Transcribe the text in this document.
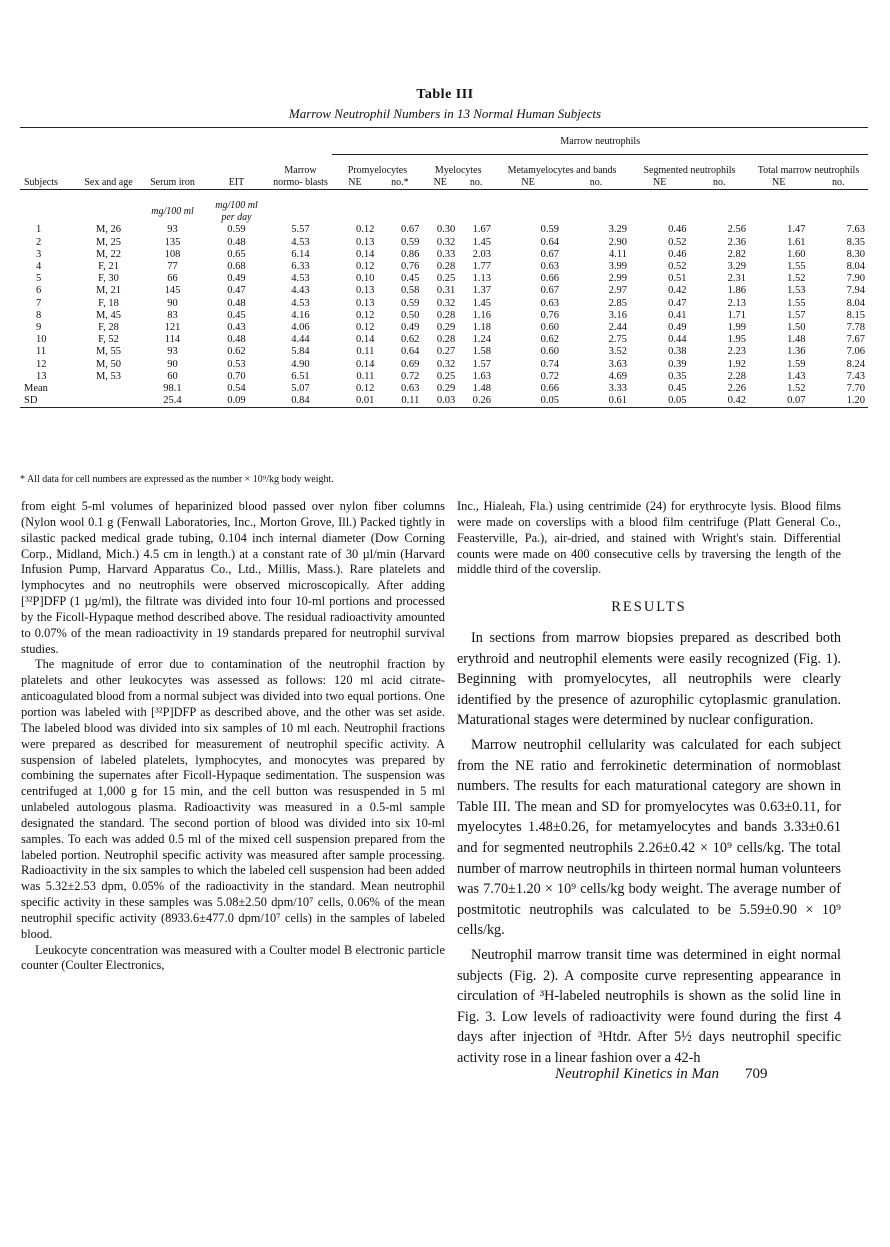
Table III
Marrow Neutrophil Numbers in 13 Normal Human Subjects
					Marrow neutrophils									
Subjects	Sex and age	Serum iron	EIT	Marrow normo- blasts	Promyelocytes		Myelocytes		Metamyelocytes and bands		Segmented neutrophils		Total marrow neutrophils	
					NE	no.*	NE	no.	NE	no.	NE	no.	NE	no.
		mg/100 ml	mg/100 ml per day											
1	M, 26	93	0.59	5.57	0.12	0.67	0.30	1.67	0.59	3.29	0.46	2.56	1.47	7.63
2	M, 25	135	0.48	4.53	0.13	0.59	0.32	1.45	0.64	2.90	0.52	2.36	1.61	8.35
3	M, 22	108	0.65	6.14	0.14	0.86	0.33	2.03	0.67	4.11	0.46	2.82	1.60	8.30
4	F, 21	77	0.68	6.33	0.12	0.76	0.28	1.77	0.63	3.99	0.52	3.29	1.55	8.04
5	F, 30	66	0.49	4.53	0.10	0.45	0.25	1.13	0.66	2.99	0.51	2.31	1.52	7.90
6	M, 21	145	0.47	4.43	0.13	0.58	0.31	1.37	0.67	2.97	0.42	1.86	1.53	7.94
7	F, 18	90	0.48	4.53	0.13	0.59	0.32	1.45	0.63	2.85	0.47	2.13	1.55	8.04
8	M, 45	83	0.45	4.16	0.12	0.50	0.28	1.16	0.76	3.16	0.41	1.71	1.57	8.15
9	F, 28	121	0.43	4.06	0.12	0.49	0.29	1.18	0.60	2.44	0.49	1.99	1.50	7.78
10	F, 52	114	0.48	4.44	0.14	0.62	0.28	1.24	0.62	2.75	0.44	1.95	1.48	7.67
11	M, 55	93	0.62	5.84	0.11	0.64	0.27	1.58	0.60	3.52	0.38	2.23	1.36	7.06
12	M, 50	90	0.53	4.90	0.14	0.69	0.32	1.57	0.74	3.63	0.39	1.92	1.59	8.24
13	M, 53	60	0.70	6.51	0.11	0.72	0.25	1.63	0.72	4.69	0.35	2.28	1.43	7.43
Mean		98.1	0.54	5.07	0.12	0.63	0.29	1.48	0.66	3.33	0.45	2.26	1.52	7.70
SD		25.4	0.09	0.84	0.01	0.11	0.03	0.26	0.05	0.61	0.05	0.42	0.07	1.20
* All data for cell numbers are expressed as the number × 10⁹/kg body weight.

from eight 5-ml volumes of heparinized blood passed over nylon fiber columns (Nylon wool 0.1 g (Fenwall Laboratories, Inc., Morton Grove, Ill.) Packed tightly in silastic packed medical grade tubing, 0.104 inch internal diameter (Dow Corning Corp., Midland, Mich.) 4.5 cm in length.) at a constant rate of 30 µl/min (Harvard Infusion Pump, Harvard Apparatus Co., Ltd., Millis, Mass.). Rare platelets and lymphocytes and no neutrophils were observed microscopically. After adding [³²P]DFP (1 µg/ml), the filtrate was divided into four 10-ml portions and processed by the Ficoll-Hypaque method described above. The residual radioactivity amounted to 0.07% of the mean radioactivity in 19 standards prepared for neutrophil survival studies.

The magnitude of error due to contamination of the neutrophil fraction by platelets and other leukocytes was assessed as follows: 120 ml acid citrate-anticoagulated blood from a normal subject was divided into two equal portions. One portion was labeled with [³²P]DFP as described above, and the other was set aside. The labeled blood was divided into six samples of 10 ml each. Neutrophil fractions were prepared as described for measurement of neutrophil specific activity. A suspension of labeled platelets, lymphocytes, and monocytes was prepared by combining the supernates after Ficoll-Hypaque sedimentation. The suspension was centrifuged at 1,000 g for 15 min, and the cell button was resuspended in 5 ml unlabeled autologous plasma. Radioactivity was measured in a 0.5-ml sample designated the standard. The second portion of blood was divided into six 10-ml samples. To each was added 0.5 ml of the mixed cell suspension prepared from the labeled portion. Neutrophil specific activity was measured after sample processing. Radioactivity in the six samples to which the labeled cell suspension had been added was 5.32±2.53 dpm, 0.05% of the radioactivity in the standard. Mean neutrophil specific activity in these samples was 5.08±2.50 dpm/10⁷ cells, 0.06% of the mean neutrophil specific activity (8933.6±477.0 dpm/10⁷ cells) in the samples of labeled blood.

Leukocyte concentration was measured with a Coulter model B electronic particle counter (Coulter Electronics,

Inc., Hialeah, Fla.) using centrimide (24) for erythrocyte lysis. Blood films were made on coverslips with a blood film centrifuge (Platt General Co., Feasterville, Pa.), air-dried, and stained with Wright's stain. Differential counts were made on 400 consecutive cells by traversing the length of the middle third of the coverslip.

RESULTS

In sections from marrow biopsies prepared as described both erythroid and neutrophil elements were easily recognized (Fig. 1). Beginning with promyelocytes, all neutrophils were clearly identified by the presence of azurophilic cytoplasmic granulation. Maturational stages were determined by nuclear configuration.

Marrow neutrophil cellularity was calculated for each subject from the NE ratio and ferrokinetic determination of normoblast numbers. The results for each maturational category are shown in Table III. The mean and SD for promyelocytes was 0.63±0.11, for myelocytes 1.48±0.26, for metamyelocytes and bands 3.33±0.61 and for segmented neutrophils 2.26±0.42 × 10⁹ cells/kg. The total number of marrow neutrophils in thirteen normal human volunteers was 7.70±1.20 × 10⁹ cells/kg body weight. The average number of postmitotic neutrophils was calculated to be 5.59±0.90 × 10⁹ cells/kg.

Neutrophil marrow transit time was determined in eight normal subjects (Fig. 2). A composite curve representing appearance in circulation of ³H-labeled neutrophils is shown as the solid line in Fig. 3. Low levels of radioactivity were found during the first 4 days after injection of ³Htdr. After 5½ days neutrophil specific activity rose in a linear fashion over a 42-h

Neutrophil Kinetics in Man 709
